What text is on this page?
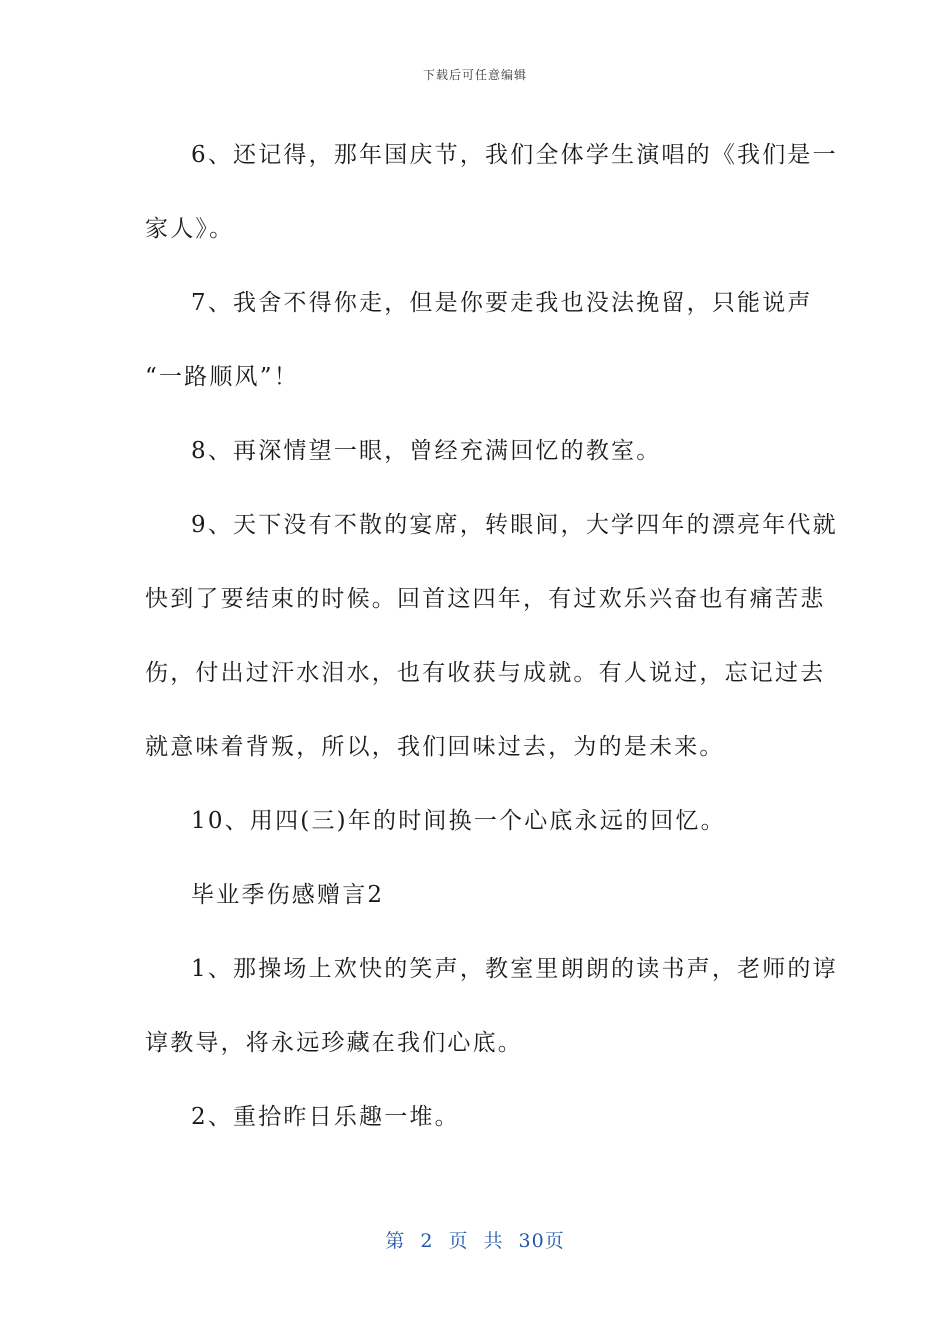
下载后可任意编辑
6、还记得，那年国庆节，我们全体学生演唱的《我们是一
家人》。
7、我舍不得你走，但是你要走我也没法挽留，只能说声
“一路顺风”！
8、再深情望一眼，曾经充满回忆的教室。
9、天下没有不散的宴席，转眼间，大学四年的漂亮年代就
快到了要结束的时候。回首这四年，有过欢乐兴奋也有痛苦悲
伤，付出过汗水泪水，也有收获与成就。有人说过，忘记过去
就意味着背叛，所以，我们回味过去，为的是未来。
10、用四(三)年的时间换一个心底永远的回忆。
毕业季伤感赠言2
1、那操场上欢快的笑声，教室里朗朗的读书声，老师的谆
谆教导，将永远珍藏在我们心底。
2、重拾昨日乐趣一堆。
第 2 页 共 30页
